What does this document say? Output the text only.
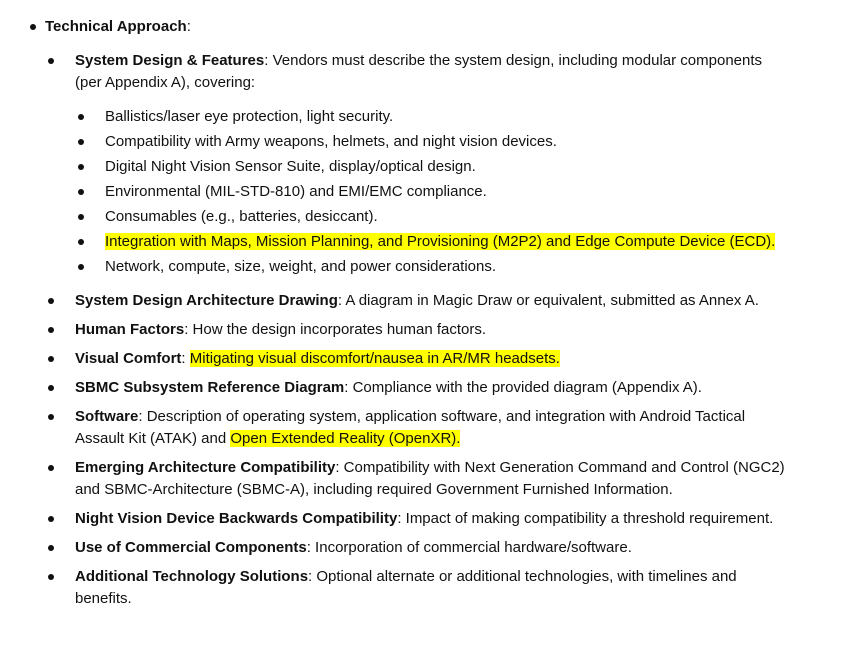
Technical Approach:
System Design & Features: Vendors must describe the system design, including modular components (per Appendix A), covering:
Ballistics/laser eye protection, light security.
Compatibility with Army weapons, helmets, and night vision devices.
Digital Night Vision Sensor Suite, display/optical design.
Environmental (MIL-STD-810) and EMI/EMC compliance.
Consumables (e.g., batteries, desiccant).
Integration with Maps, Mission Planning, and Provisioning (M2P2) and Edge Compute Device (ECD).
Network, compute, size, weight, and power considerations.
System Design Architecture Drawing: A diagram in Magic Draw or equivalent, submitted as Annex A.
Human Factors: How the design incorporates human factors.
Visual Comfort: Mitigating visual discomfort/nausea in AR/MR headsets.
SBMC Subsystem Reference Diagram: Compliance with the provided diagram (Appendix A).
Software: Description of operating system, application software, and integration with Android Tactical Assault Kit (ATAK) and Open Extended Reality (OpenXR).
Emerging Architecture Compatibility: Compatibility with Next Generation Command and Control (NGC2) and SBMC-Architecture (SBMC-A), including required Government Furnished Information.
Night Vision Device Backwards Compatibility: Impact of making compatibility a threshold requirement.
Use of Commercial Components: Incorporation of commercial hardware/software.
Additional Technology Solutions: Optional alternate or additional technologies, with timelines and benefits.
